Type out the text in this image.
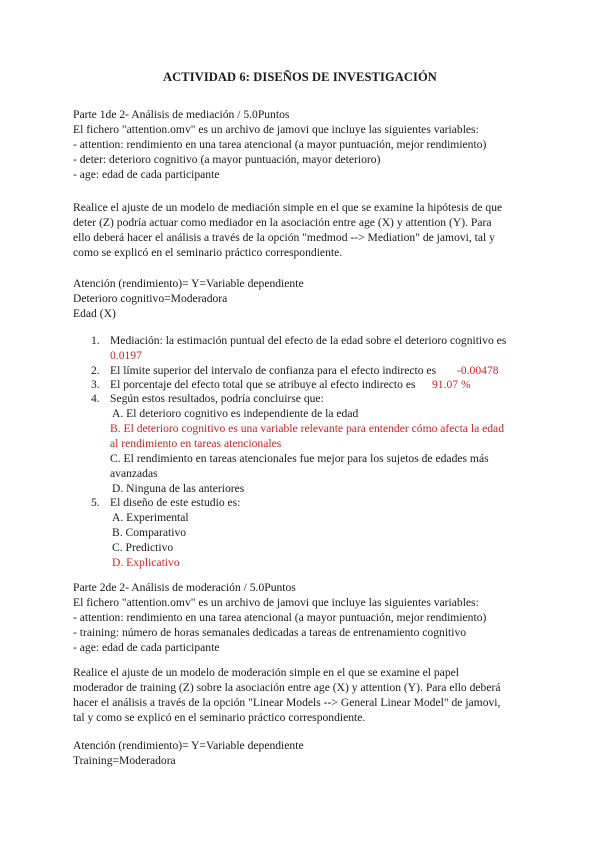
ACTIVIDAD 6: DISEÑOS DE INVESTIGACIÓN

Parte 1de 2- Análisis de mediación / 5.0Puntos

El fichero "attention.omv" es un archivo de jamovi que incluye las siguientes variables:

- attention: rendimiento en una tarea atencional (a mayor puntuación, mejor rendimiento)

- deter: deterioro cognitivo (a mayor puntuación, mayor deterioro)

- age: edad de cada participante

Realice el ajuste de un modelo de mediación simple en el que se examine la hipótesis de que

deter (Z) podría actuar como mediador en la asociación entre age (X) y attention (Y). Para

ello deberá hacer el análisis a través de la opción "medmod --> Mediation" de jamovi, tal y

como se explicó en el seminario práctico correspondiente.

Atención (rendimiento)= Y=Variable dependiente

Deterioro cognitivo=Moderadora

Edad (X)

1. Mediación: la estimación puntual del efecto de la edad sobre el deterioro cognitivo es
0.0197
2. El límite superior del intervalo de confianza para el efecto indirecto es -0.00478
3. El porcentaje del efecto total que se atribuye al efecto indirecto es 91.07 %
4. Según estos resultados, podría concluirse que:
A. El deterioro cognitivo es independiente de la edad
B. El deterioro cognitivo es una variable relevante para entender cómo afecta la edad
al rendimiento en tareas atencionales
C. El rendimiento en tareas atencionales fue mejor para los sujetos de edades más
avanzadas
D. Ninguna de las anteriores
5. El diseño de este estudio es:
A. Experimental
B. Comparativo
C. Predictivo
D. Explicativo

Parte 2de 2- Análisis de moderación / 5.0Puntos

El fichero "attention.omv" es un archivo de jamovi que incluye las siguientes variables:

- attention: rendimiento en una tarea atencional (a mayor puntuación, mejor rendimiento)

- training: número de horas semanales dedicadas a tareas de entrenamiento cognitivo

- age: edad de cada participante

Realice el ajuste de un modelo de moderación simple en el que se examine el papel

moderador de training (Z) sobre la asociación entre age (X) y attention (Y). Para ello deberá

hacer el análisis a través de la opción "Linear Models --> General Linear Model" de jamovi,

tal y como se explicó en el seminario práctico correspondiente.

Atención (rendimiento)= Y=Variable dependiente

Training=Moderadora
